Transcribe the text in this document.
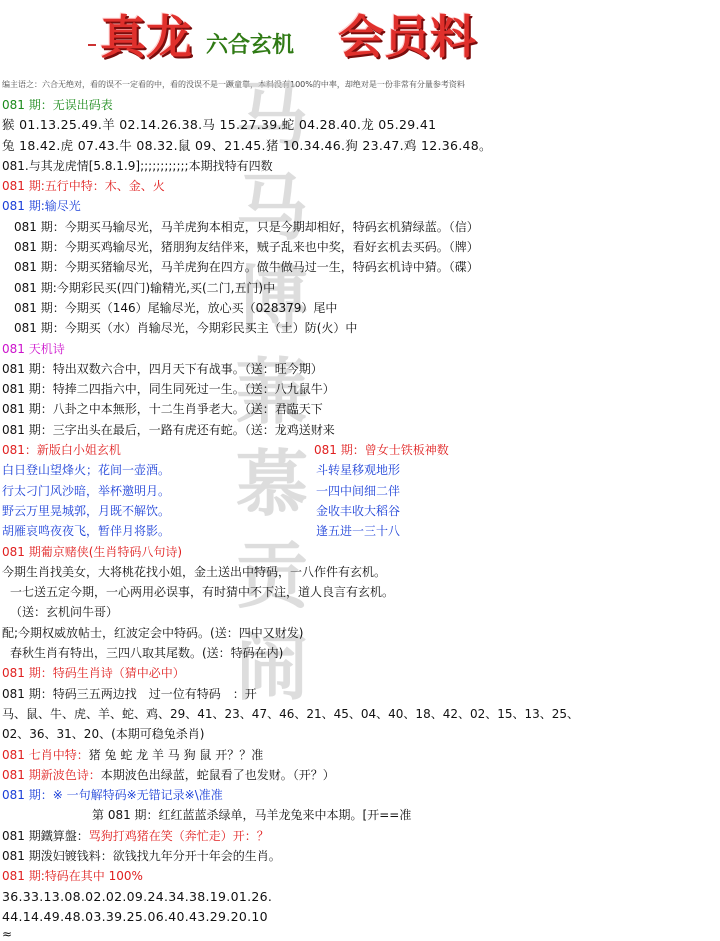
真龙 六合玄机 会员料
编主语之：六合无绝对，看的误不一定看的中，看的没误不是一蹶童靠，本料没有100%的中率，却绝对是一份非常有分量参考资料
马
马
博
蒹
慕
贡
闹
081 期：无误出码表
猴 01.13.25.49.羊 02.14.26.38.马 15.27.39.蛇 04.28.40.龙 05.29.41
兔 18.42.虎 07.43.牛 08.32.鼠 09、21.45.猪 10.34.46.狗 23.47.鸡 12.36.48。
081.与其龙虎情[5.8.1.9];;;;;;;;;;;;本期找特有四数
081 期:五行中特：木、金、火
081 期:输尽光
081 期：今期买马输尽光，马羊虎狗本相克，只是今期却相好，特码玄机猜绿蓝。（信）
081 期：今期买鸡输尽光，猪朋狗友结伴来，贼子乱来也中奖，看好玄机去买码。（牌）
081 期：今期买猪输尽光，马羊虎狗在四方。做牛做马过一生，特码玄机诗中猜。（碟）
081 期:今期彩民买(四门)输精光,买(二门,五门)中
081 期：今期买（146）尾输尽光，放心买（028379）尾中
081 期：今期买（水）肖输尽光，今期彩民买主（土）防(火）中
081 天机诗
081 期：特出双数六合中，四月天下有战事。（送：旺今期）
081 期：特捧二四指六中，同生同死过一生。（送：八九鼠牛）
081 期：八卦之中本無形，十二生肖爭老大。（送：君臨天下
081 期：三字出头在最后，一路有虎还有蛇。（送：龙鸡送财来
081：新版白小姐玄机	081 期：曾女士铁板神数
白日登山望烽火；花间一壶酒。	斗转星移观地形
行太刁门风沙暗，举杯邀明月。	一四中间细二伴
野云万里晃城郭，月既不解饮。	金收丰收大稻谷
胡雁哀鸣夜夜飞，暂伴月将影。	逢五进一三十八
081 期葡京赌侠(生肖特码八句诗)
今期生肖找美女，大将桃花找小姐，金土送出中特码，一八作件有玄机。
一七送五定今期，一心两用必误事，有时猜中不下注，道人良言有玄机。
（送：玄机问牛哥）
配;今期权威放帖士，红波定会中特码。(送：四中又财发)
春秋生肖有特出，三四八取其尾数。(送：特码在内)
081 期：特码生肖诗（猜中必中）
081 期：特码三五两边找　过一位有特码　：开
马、鼠、牛、虎、羊、蛇、鸡、29、41、23、47、46、21、45、04、40、18、42、02、15、13、25、
02、36、31、20、(本期可稳兔杀肖)
081 七肖中特：猪 兔 蛇 龙 羊 马 狗 鼠 开？？准
081 期新波色诗：本期波色出绿蓝，蛇鼠看了也发财。（开？）
081 期：※ 一句解特码※无错记录※\准准
第 081 期：红红蓝蓝杀绿单，马羊龙兔来中本期。[开==准
081 期鐵算盤：骂狗打鸡猪在笑（奔忙走）开：？
081 期泼妇镀钱料：欲钱找九年分开十年会的生肖。
081 期:特码在其中 100%
36.33.13.08.02.02.09.24.34.38.19.01.26.
44.14.49.48.03.39.25.06.40.43.29.20.10
≈
